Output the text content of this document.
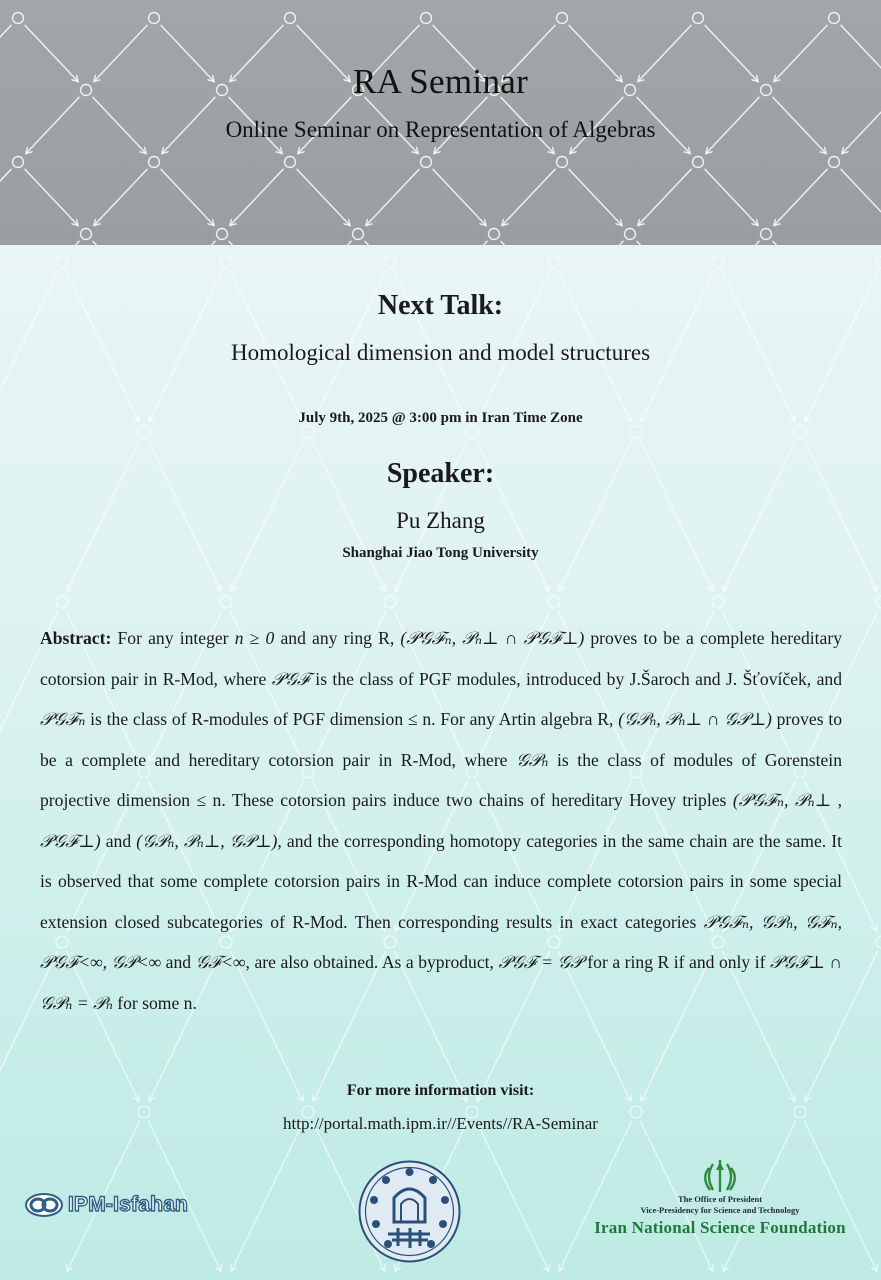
RA Seminar
Online Seminar on Representation of Algebras
Next Talk:
Homological dimension and model structures
July 9th, 2025 @ 3:00 pm in Iran Time Zone
Speaker:
Pu Zhang
Shanghai Jiao Tong University
Abstract: For any integer n ≥ 0 and any ring R, (𝒫𝒢ℱₙ, 𝒫ₙ⊥ ∩ 𝒫𝒢ℱ⊥) proves to be a complete hereditary cotorsion pair in R-Mod, where 𝒫𝒢ℱ is the class of PGF modules, introduced by J.Šaroch and J. Šťovíček, and 𝒫𝒢ℱₙ is the class of R-modules of PGF dimension ≤ n. For any Artin algebra R, (𝒢𝒫ₙ, 𝒫ₙ⊥ ∩ 𝒢𝒫⊥) proves to be a complete and hereditary cotorsion pair in R-Mod, where 𝒢𝒫ₙ is the class of modules of Gorenstein projective dimension ≤ n. These cotorsion pairs induce two chains of hereditary Hovey triples (𝒫𝒢ℱₙ, 𝒫ₙ⊥ , 𝒫𝒢ℱ⊥) and (𝒢𝒫ₙ, 𝒫ₙ⊥, 𝒢𝒫⊥), and the corresponding homotopy categories in the same chain are the same. It is observed that some complete cotorsion pairs in R-Mod can induce complete cotorsion pairs in some special extension closed subcategories of R-Mod. Then corresponding results in exact categories 𝒫𝒢ℱₙ, 𝒢𝒫ₙ, 𝒢ℱₙ, 𝒫𝒢ℱ<∞, 𝒢𝒫<∞ and 𝒢ℱ<∞, are also obtained. As a byproduct, 𝒫𝒢ℱ = 𝒢𝒫 for a ring R if and only if 𝒫𝒢ℱ⊥ ∩ 𝒢𝒫ₙ = 𝒫ₙ for some n.
For more information visit:
http://portal.math.ipm.ir//Events//RA-Seminar
IPM-Isfahan	The Office of President
Vice-Presidency for Science and Technology
Iran National Science Foundation
